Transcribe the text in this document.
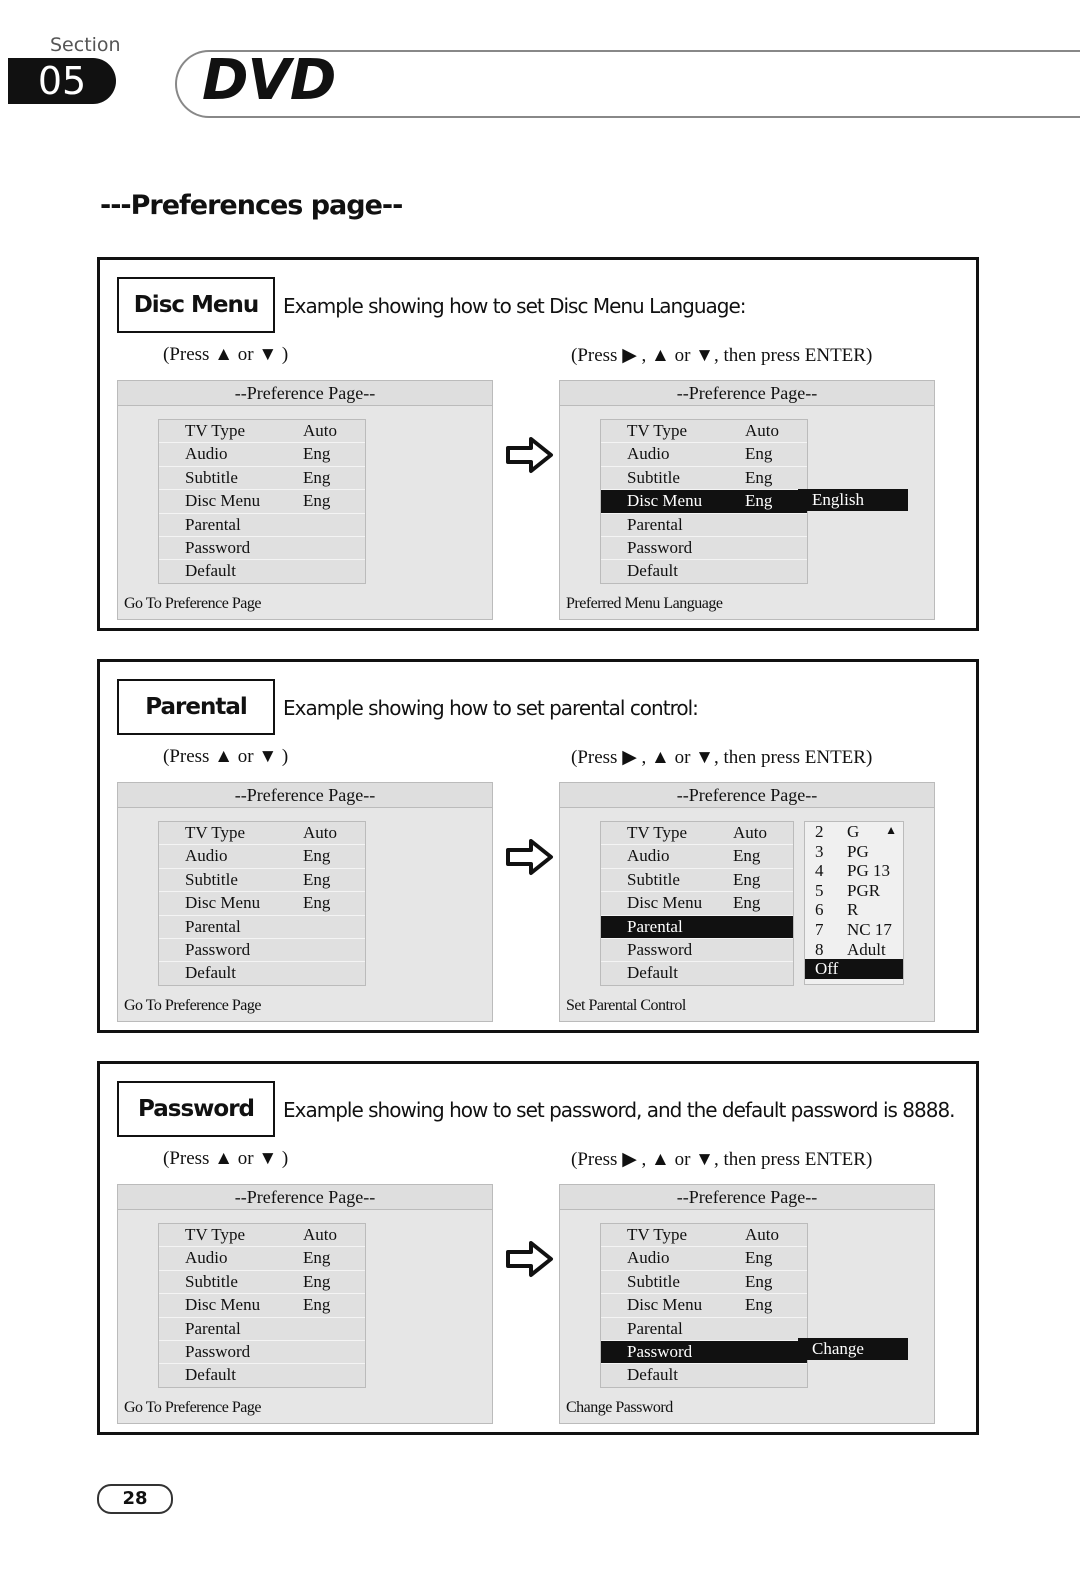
Section
05	DVD
---Preferences page--
Disc Menu	Example showing how to set Disc Menu Language:
(Press ▲ or ▼ )	(Press ▶ , ▲ or ▼, then press ENTER)
--Preference Page--
TV Type	Auto
Audio	Eng
Subtitle	Eng
Disc Menu	Eng
Parental
Password
Default
Go To Preference Page
--Preference Page--
TV Type	Auto
Audio	Eng
Subtitle	Eng
Disc Menu	Eng
Parental
Password
Default
English
Preferred Menu Language
Parental	Example showing how to set parental control:
(Press ▲ or ▼ )	(Press ▶ , ▲ or ▼, then press ENTER)
--Preference Page--
TV Type	Auto
Audio	Eng
Subtitle	Eng
Disc Menu	Eng
Parental
Password
Default
Go To Preference Page
--Preference Page--
TV Type	Auto
Audio	Eng
Subtitle	Eng
Disc Menu Eng
Parental
Password
Default
▲
2 G
3 PG
4 PG 13
5 PGR
6 R
7 NC 17
8 Adult
Off
Set Parental Control
Password	Example showing how to set password, and the default password is 8888.
(Press ▲ or ▼ )	(Press ▶ , ▲ or ▼, then press ENTER)
--Preference Page--
TV Type	Auto
Audio	Eng
Subtitle	Eng
Disc Menu	Eng
Parental
Password
Default
Go To Preference Page
--Preference Page--
TV Type	Auto
Audio	Eng
Subtitle	Eng
Disc Menu	Eng
Parental
Password
Default
Change
Change Password
28
